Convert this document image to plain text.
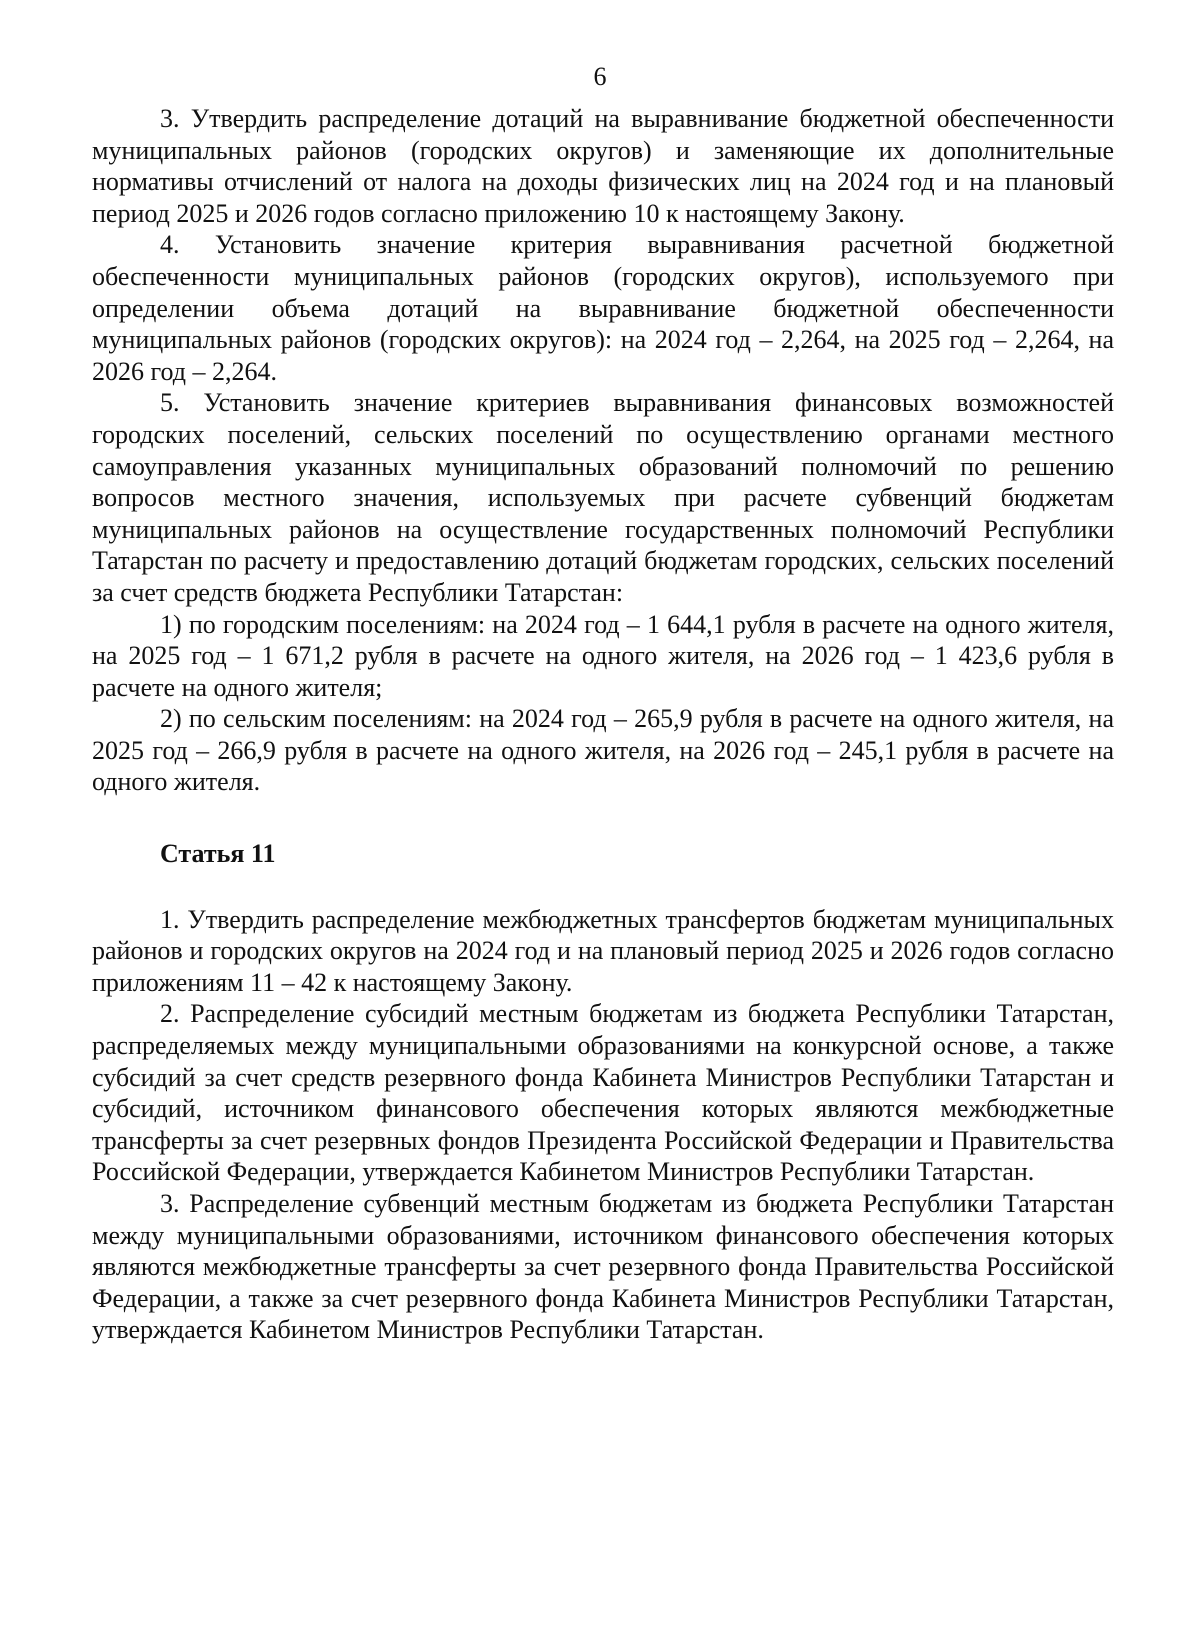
6

3. Утвердить распределение дотаций на выравнивание бюджетной обеспеченности муниципальных районов (городских округов) и заменяющие их дополнительные нормативы отчислений от налога на доходы физических лиц на 2024 год и на плановый период 2025 и 2026 годов согласно приложению 10 к настоящему Закону.

4. Установить значение критерия выравнивания расчетной бюджетной обеспеченности муниципальных районов (городских округов), используемого при определении объема дотаций на выравнивание бюджетной обеспеченности муниципальных районов (городских округов): на 2024 год – 2,264, на 2025 год – 2,264, на 2026 год – 2,264.

5. Установить значение критериев выравнивания финансовых возможностей городских поселений, сельских поселений по осуществлению органами местного самоуправления указанных муниципальных образований полномочий по решению вопросов местного значения, используемых при расчете субвенций бюджетам муниципальных районов на осуществление государственных полномочий Республики Татарстан по расчету и предоставлению дотаций бюджетам городских, сельских поселений за счет средств бюджета Республики Татарстан:

1) по городским поселениям: на 2024 год – 1 644,1 рубля в расчете на одного жителя, на 2025 год – 1 671,2 рубля в расчете на одного жителя, на 2026 год – 1 423,6 рубля в расчете на одного жителя;

2) по сельским поселениям: на 2024 год – 265,9 рубля в расчете на одного жителя, на 2025 год – 266,9 рубля в расчете на одного жителя, на 2026 год – 245,1 рубля в расчете на одного жителя.

Статья 11

1. Утвердить распределение межбюджетных трансфертов бюджетам муниципальных районов и городских округов на 2024 год и на плановый период 2025 и 2026 годов согласно приложениям 11 – 42 к настоящему Закону.

2. Распределение субсидий местным бюджетам из бюджета Республики Татарстан, распределяемых между муниципальными образованиями на конкурсной основе, а также субсидий за счет средств резервного фонда Кабинета Министров Республики Татарстан и субсидий, источником финансового обеспечения которых являются межбюджетные трансферты за счет резервных фондов Президента Российской Федерации и Правительства Российской Федерации, утверждается Кабинетом Министров Республики Татарстан.

3. Распределение субвенций местным бюджетам из бюджета Республики Татарстан между муниципальными образованиями, источником финансового обеспечения которых являются межбюджетные трансферты за счет резервного фонда Правительства Российской Федерации, а также за счет резервного фонда Кабинета Министров Республики Татарстан, утверждается Кабинетом Министров Республики Татарстан.
